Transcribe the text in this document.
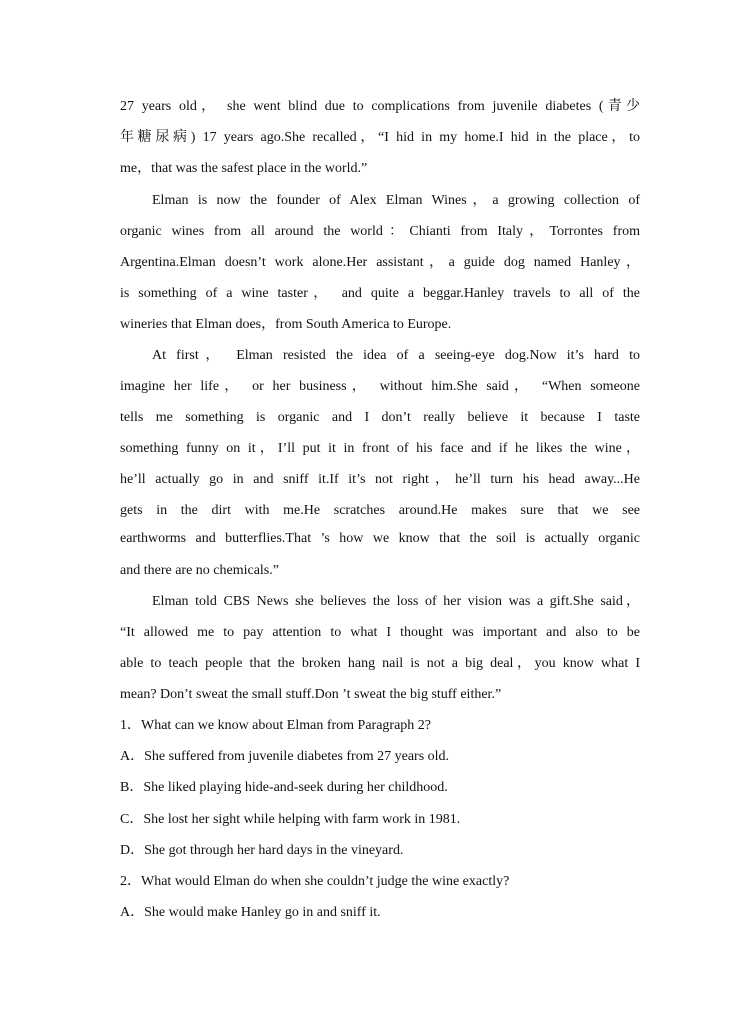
27 years old， she went blind due to complications from juvenile diabetes (青少
年糖尿病) 17 years ago.She recalled，“I hid in my home.I hid in the place，to
me，that was the safest place in the world.”
Elman is now the founder of Alex Elman Wines，a growing collection of
organic wines from all around the world：Chianti from Italy，Torrontes from
Argentina.Elman doesn’t work alone.Her assistant，a guide dog named Hanley，
is something of a wine taster， and quite a beggar.Hanley travels to all of the
wineries that Elman does，from South America to Europe.
At first， Elman resisted the idea of a seeing-eye dog.Now it’s hard to
imagine her life， or her business， without him.She said， “When someone
tells me something is organic and I don’t really believe it because I taste
something funny on it，I’ll put it in front of his face and if he likes the wine，
he’ll actually go in and sniff it.If it’s not right，he’ll turn his head away...He
gets in the dirt with me.He scratches around.He makes sure that we see
earthworms and butterflies.That ’s how we know that the soil is actually organic
and there are no chemicals.”
Elman told CBS News she believes the loss of her vision was a gift.She said，
“It allowed me to pay attention to what I thought was important and also to be
able to teach people that the broken hang nail is not a big deal，you know what I
mean? Don’t sweat the small stuff.Don ’t sweat the big stuff either.”
1．What can we know about Elman from Paragraph 2?
A．She suffered from juvenile diabetes from 27 years old.
B．She liked playing hide-and-seek during her childhood.
C．She lost her sight while helping with farm work in 1981.
D．She got through her hard days in the vineyard.
2．What would Elman do when she couldn’t judge the wine exactly?
A．She would make Hanley go in and sniff it.
